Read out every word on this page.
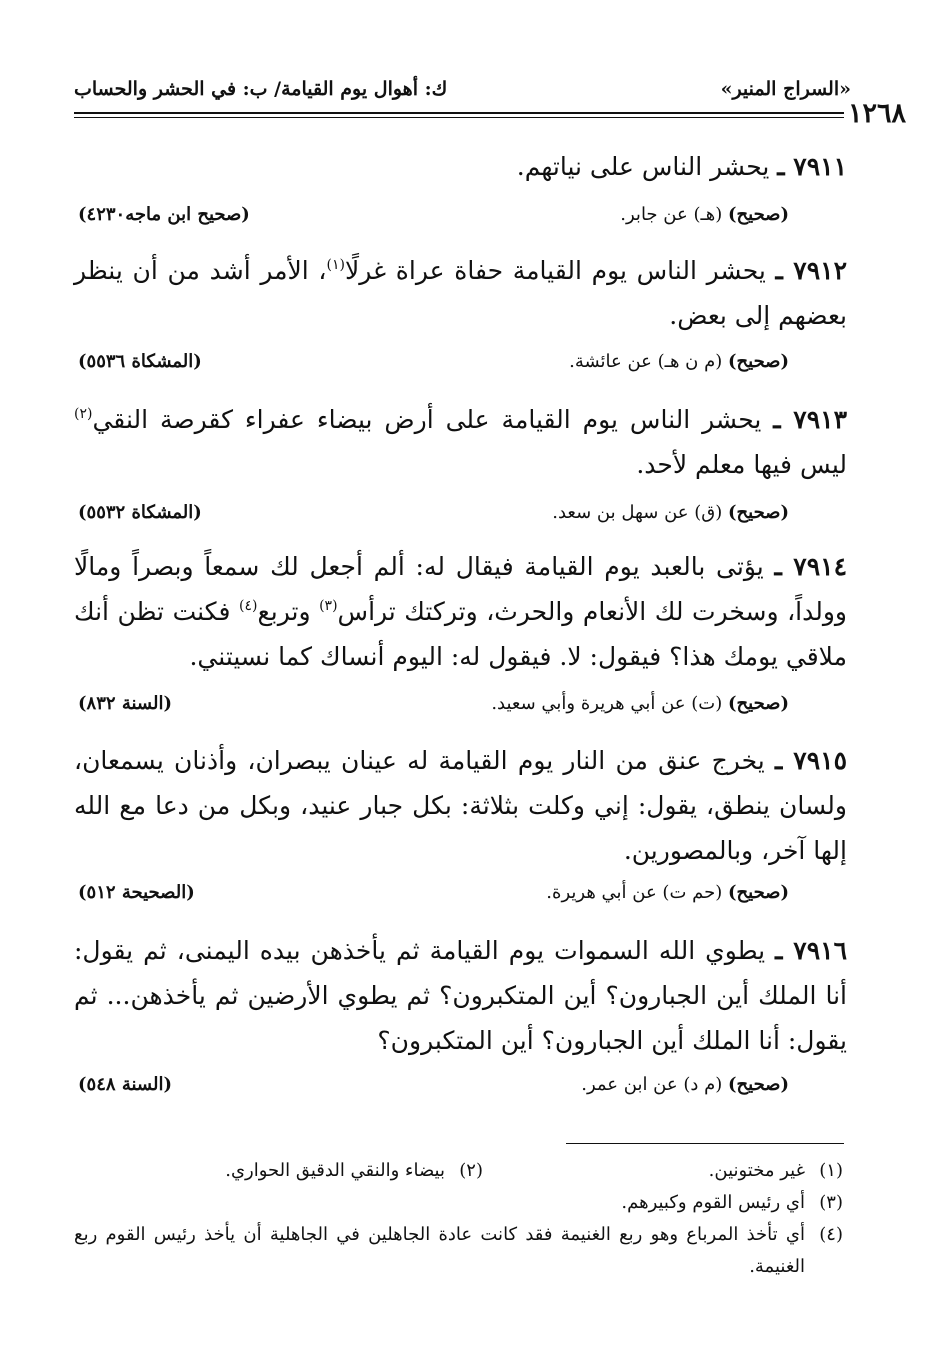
«السراج المنير»
ك: أهوال يوم القيامة/ ب: في الحشر والحساب
١٢٦٨
٧٩١١ ـ يحشر الناس على نياتهم.
(صحيح) (هـ) عن جابر.
(صحيح ابن ماجه٤٢٣٠)
٧٩١٢ ـ يحشر الناس يوم القيامة حفاة عراة غرلًا$^{(١)}$، الأمر أشد من أن ينظر بعضهم إلى بعض.
(صحيح) (م ن هـ) عن عائشة.
(المشكاة ٥٥٣٦)
٧٩١٣ ـ يحشر الناس يوم القيامة على أرض بيضاء عفراء كقرصة النقي$^{(٢)}$ ليس فيها معلم لأحد.
(صحيح) (ق) عن سهل بن سعد.
(المشكاة ٥٥٣٢)
٧٩١٤ ـ يؤتى بالعبد يوم القيامة فيقال له: ألم أجعل لك سمعاً وبصراً ومالًا وولداً، وسخرت لك الأنعام والحرث، وتركتك ترأس$^{(٣)}$ وتربع$^{(٤)}$ فكنت تظن أنك ملاقي يومك هذا؟ فيقول: لا. فيقول له: اليوم أنساك كما نسيتني.
(صحيح) (ت) عن أبي هريرة وأبي سعيد.
(السنة ٨٣٢)
٧٩١٥ ـ يخرج عنق من النار يوم القيامة له عينان يبصران، وأذنان يسمعان، ولسان ينطق، يقول: إني وكلت بثلاثة: بكل جبار عنيد، وبكل من دعا مع الله إلها آخر، وبالمصورين.
(صحيح) (حم ت) عن أبي هريرة.
(الصحيحة ٥١٢)
٧٩١٦ ـ يطوي الله السموات يوم القيامة ثم يأخذهن بيده اليمنى، ثم يقول: أنا الملك أين الجبارون؟ أين المتكبرون؟ ثم يطوي الأرضين ثم يأخذهن... ثم يقول: أنا الملك أين الجبارون؟ أين المتكبرون؟
(صحيح) (م د) عن ابن عمر.
(السنة ٥٤٨)
(١)غير مختونين.
(٢)بيضاء والنقي الدقيق الحواري.
(٣)أي رئيس القوم وكبيرهم.
(٤)
أي تأخذ المرباع وهو ربع الغنيمة فقد كانت عادة الجاهلين في الجاهلية أن يأخذ رئيس القوم ربع الغنيمة.
